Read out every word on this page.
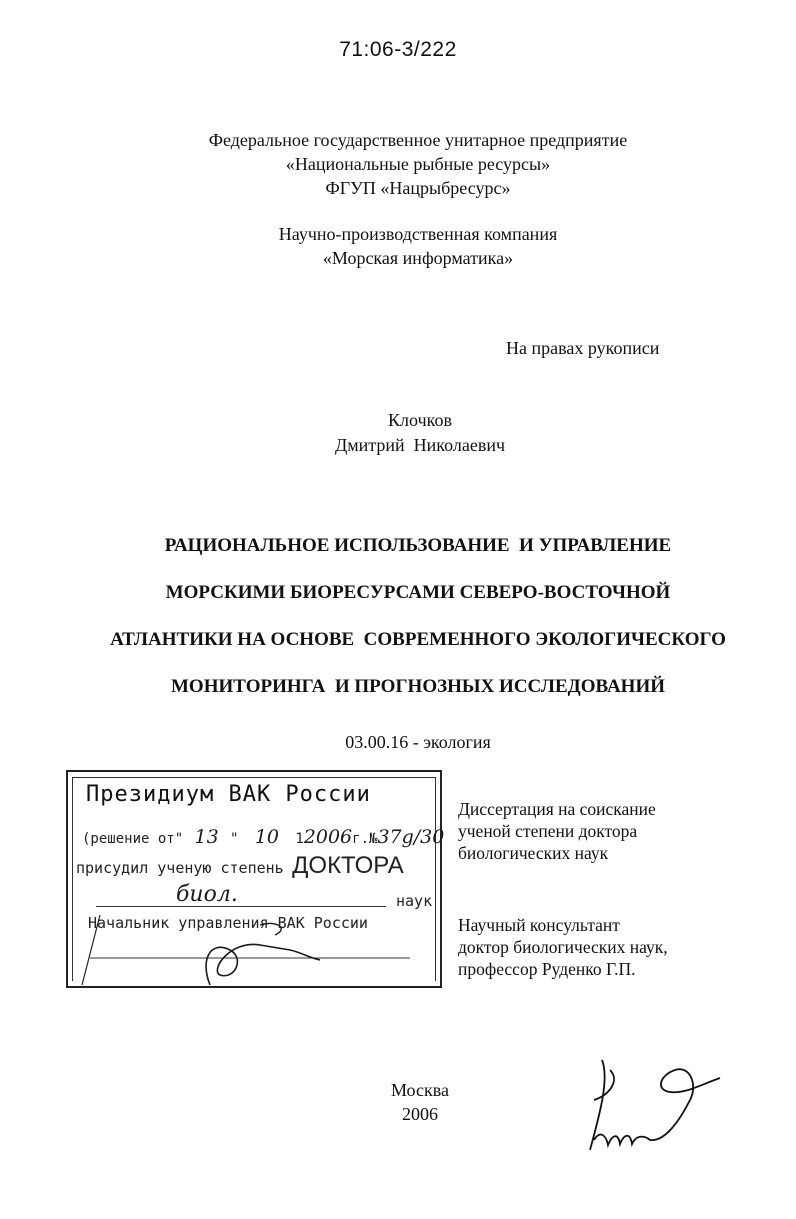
71:06-3/222
Федеральное государственное унитарное предприятие
«Национальные рыбные ресурсы»
ФГУП «Нацрыбресурс»
Научно-производственная компания
«Морская информатика»
На правах рукописи
Клочков
Дмитрий  Николаевич
РАЦИОНАЛЬНОЕ ИСПОЛЬЗОВАНИЕ  И УПРАВЛЕНИЕ
МОРСКИМИ БИОРЕСУРСАМИ СЕВЕРО-ВОСТОЧНОЙ
АТЛАНТИКИ НА ОСНОВЕ  СОВРЕМЕННОГО ЭКОЛОГИЧЕСКОГО
МОНИТОРИНГА  И ПРОГНОЗНЫХ ИССЛЕДОВАНИЙ
03.00.16 - экология
Президиум ВАК России
(решение от" 13 " 10 12006г.№37g/30
присудил ученую степень ДОКТОРА
биол.	наук
Начальник управления ВАК России
Диссертация на соискание
ученой степени доктора
биологических наук
Научный консультант
доктор биологических наук,
профессор Руденко Г.П.
Москва
2006
